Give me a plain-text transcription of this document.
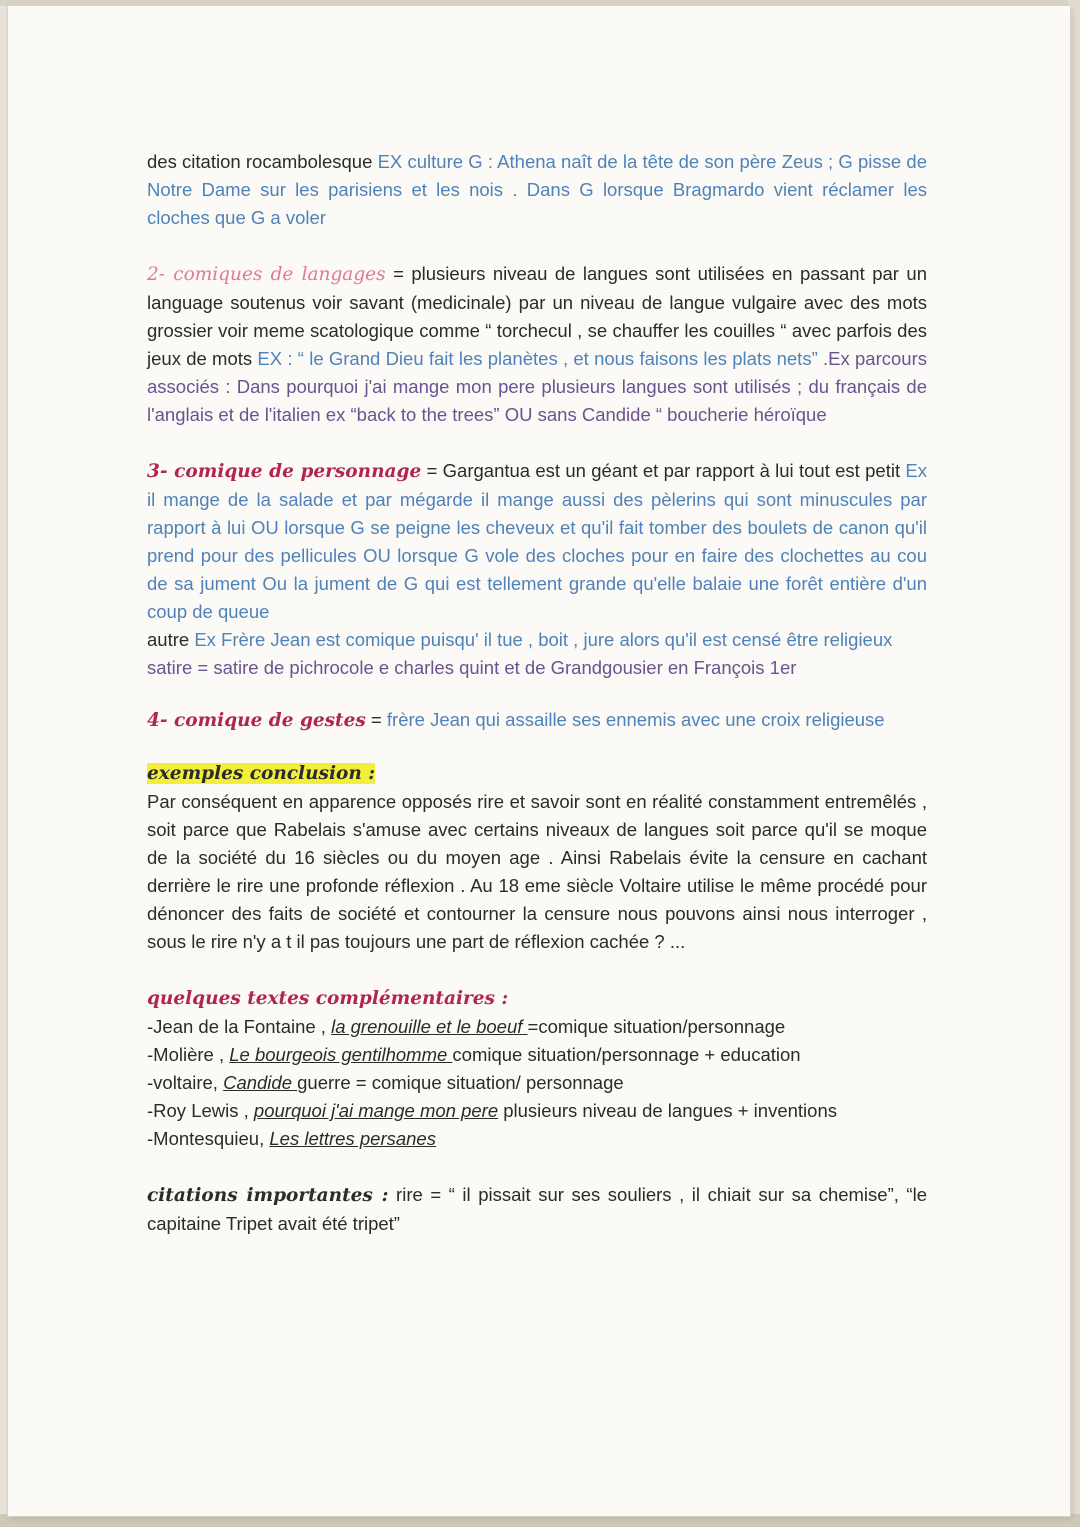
des citation rocambolesque EX culture G : Athena naît de la tête de son père Zeus ; G pisse de Notre Dame sur les parisiens et les nois . Dans G lorsque Bragmardo vient réclamer les cloches que G a voler

2- comiques de langages = plusieurs niveau de langues sont utilisées en passant par un language soutenus voir savant (medicinale) par un niveau de langue vulgaire avec des mots grossier voir meme scatologique comme “ torchecul , se chauffer les couilles “ avec parfois des jeux de mots EX : “ le Grand Dieu fait les planètes , et nous faisons les plats nets” .Ex parcours associés : Dans pourquoi j'ai mange mon pere plusieurs langues sont utilisés ; du français de l'anglais et de l'italien ex “back to the trees” OU sans Candide “ boucherie héroïque

3- comique de personnage = Gargantua est un géant et par rapport à lui tout est petit Ex il mange de la salade et par mégarde il mange aussi des pèlerins qui sont minuscules par rapport à lui OU lorsque G se peigne les cheveux et qu'il fait tomber des boulets de canon qu'il prend pour des pellicules OU lorsque G vole des cloches pour en faire des clochettes au cou de sa jument Ou la jument de G qui est tellement grande qu'elle balaie une forêt entière d'un coup de queue

autre Ex Frère Jean est comique puisqu' il tue , boit , jure alors qu'il est censé être religieux

satire = satire de pichrocole e charles quint et de Grandgousier en François 1er

4- comique de gestes = frère Jean qui assaille ses ennemis avec une croix religieuse

exemples conclusion :

Par conséquent en apparence opposés rire et savoir sont en réalité constamment entremêlés , soit parce que Rabelais s'amuse avec certains niveaux de langues soit parce qu'il se moque de la société du 16 siècles ou du moyen age . Ainsi Rabelais évite la censure en cachant derrière le rire une profonde réflexion . Au 18 eme siècle Voltaire utilise le même procédé pour dénoncer des faits de société et contourner la censure nous pouvons ainsi nous interroger , sous le rire n'y a t il pas toujours une part de réflexion cachée ? ...

quelques textes complémentaires :

-Jean de la Fontaine , la grenouille et le boeuf =comique situation/personnage
-Molière , Le bourgeois gentilhomme comique situation/personnage + education
-voltaire, Candide guerre = comique situation/ personnage
-Roy Lewis , pourquoi j'ai mange mon pere plusieurs niveau de langues + inventions
-Montesquieu, Les lettres persanes

citations importantes : rire = “ il pissait sur ses souliers , il chiait sur sa chemise”, “le capitaine Tripet avait été tripet”
